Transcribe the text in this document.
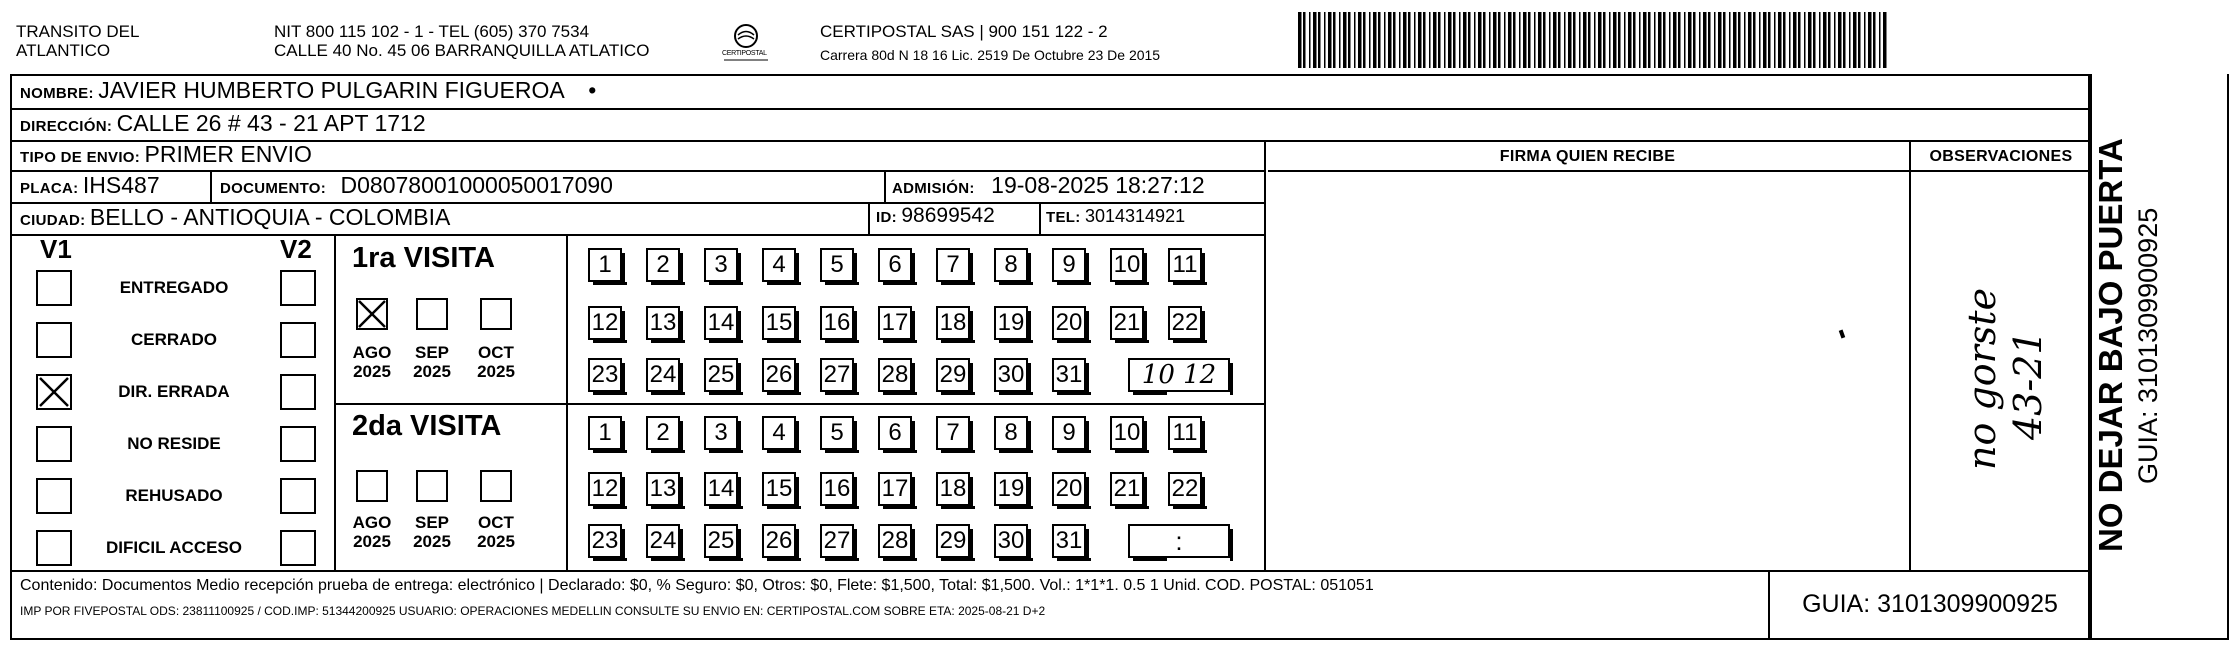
TRANSITO DEL
ATLANTICO
NIT 800 115 102 - 1 - TEL (605) 370 7534
CALLE 40 No. 45 06 BARRANQUILLA ATLATICO	CERTIPOSTAL
CERTIPOSTAL SAS | 900 151 122 - 2
Carrera 80d N 18 16 Lic. 2519 De Octubre 23 De 2015
NOMBRE: JAVIER HUMBERTO PULGARIN FIGUEROA    •
DIRECCIÓN: CALLE 26 # 43 - 21 APT 1712
TIPO DE ENVIO: PRIMER ENVIO
PLACA: IHS487	DOCUMENTO: D08078001000050017090	ADMISIÓN: 19-08-2025 18:27:12
CIUDAD: BELLO - ANTIOQUIA - COLOMBIA	ID: 98699542	TEL: 3014314921
FIRMA QUIEN RECIBE	OBSERVACIONES
no gorste 43-21
V1	V2
ENTREGADO
CERRADO
DIR. ERRADA
NO RESIDE
REHUSADO
DIFICIL ACCESO
1ra VISITA
2da VISITA
AGO
2025
SEP
2025
OCT
2025
AGO
2025
SEP
2025
OCT
2025
1	2	3	4	5	6	7	8	9	10 11
12 13 14 15 16 17 18 19 20 21 22
23 24 25 26 27 28 29 30 31	10 12
1	2	3	4	5	6	7	8	9	10 11
12 13 14 15 16 17 18 19 20 21 22
23 24 25 26 27 28 29 30 31	:	NO DEJAR BAJO PUERTA GUIA: 3101309900925
Contenido: Documentos Medio recepción prueba de entrega: electrónico | Declarado: $0, % Seguro: $0, Otros: $0, Flete: $1,500, Total: $1,500. Vol.: 1*1*1. 0.5 1 Unid. COD. POSTAL: 051051
IMP POR FIVEPOSTAL ODS: 23811100925 / COD.IMP: 51344200925 USUARIO: OPERACIONES MEDELLIN CONSULTE SU ENVIO EN: CERTIPOSTAL.COM SOBRE ETA: 2025-08-21 D+2	GUIA: 3101309900925
